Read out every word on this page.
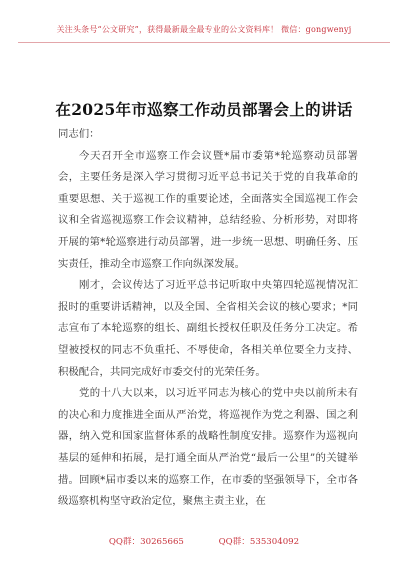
关注头条号“公文研究”，获得最新最全最专业的公文资料库！ 微信：gongwenyj
在2025年市巡察工作动员部署会上的讲话

同志们：

今天召开全市巡察工作会议暨*届市委第*轮巡察动员部署会，主要任务是深入学习贯彻习近平总书记关于党的自我革命的重要思想、关于巡视工作的重要论述，全面落实全国巡视工作会议和全省巡视巡察工作会议精神，总结经验、分析形势，对即将开展的第*轮巡察进行动员部署，进一步统一思想、明确任务、压实责任，推动全市巡察工作向纵深发展。

刚才，会议传达了习近平总书记听取中央第四轮巡视情况汇报时的重要讲话精神，以及全国、全省相关会议的核心要求；*同志宣布了本轮巡察的组长、副组长授权任职及任务分工决定。希望被授权的同志不负重托、不辱使命，各相关单位要全力支持、积极配合，共同完成好市委交付的光荣任务。

党的十八大以来，以习近平同志为核心的党中央以前所未有的决心和力度推进全面从严治党，将巡视作为党之利器、国之利器，纳入党和国家监督体系的战略性制度安排。巡察作为巡视向基层的延伸和拓展，是打通全面从严治党“最后一公里”的关键举措。回顾*届市委以来的巡察工作，在市委的坚强领导下，全市各级巡察机构坚守政治定位，聚焦主责主业，在

QQ群：30265665	QQ群：535304092
